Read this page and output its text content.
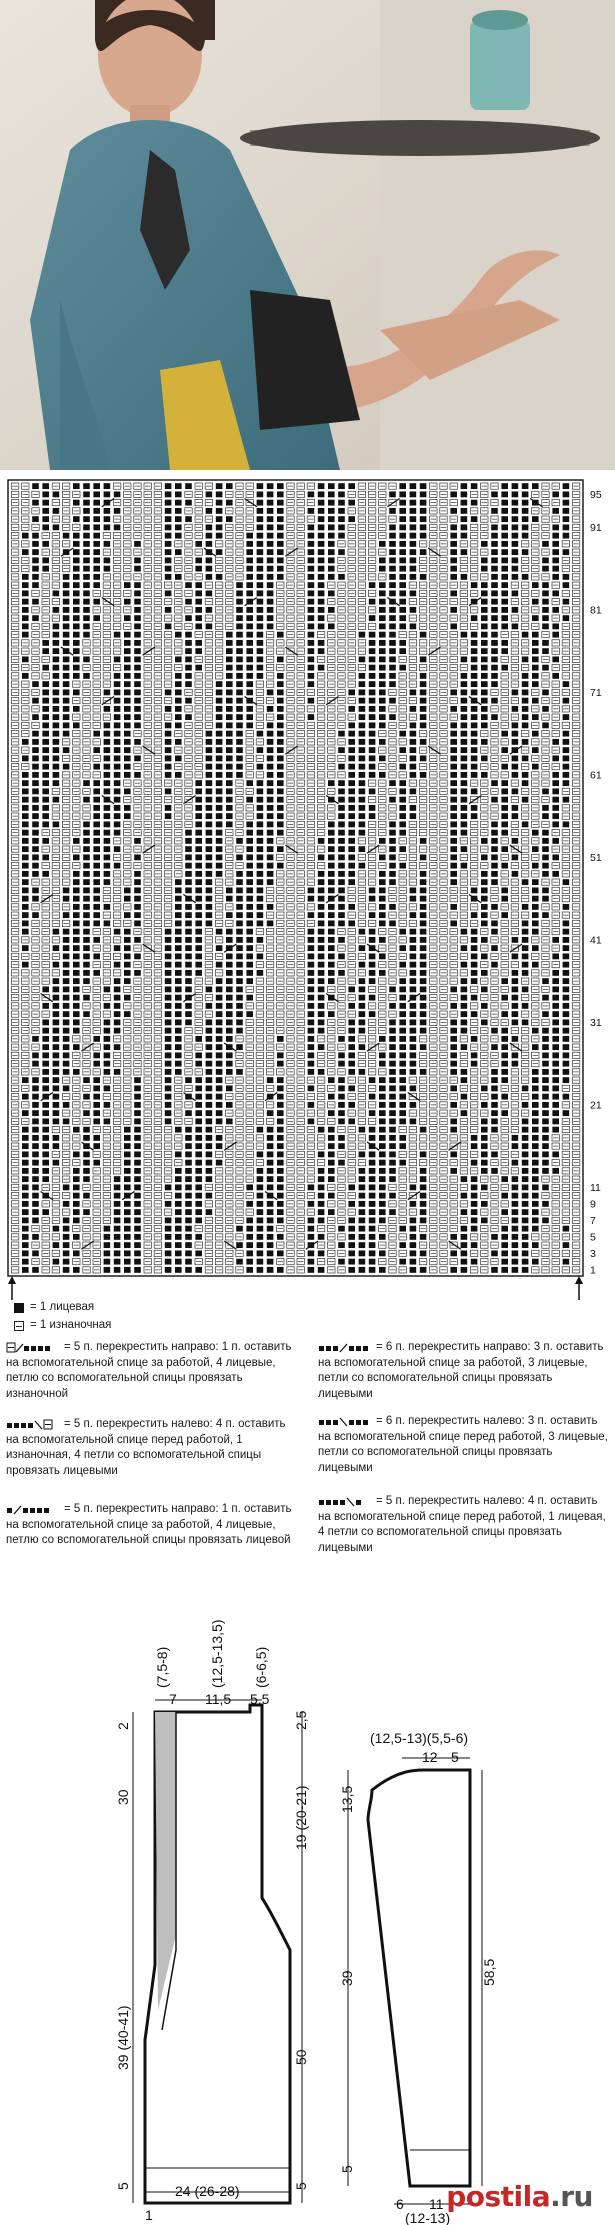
95
91
81
71
61
51
41
31
21
11
9
7
5
3
1
= 1 лицевая
= 1 изнаночная
= 5 п. перекрестить направо: 1 п. оставить на вспомогательной спице за работой, 4 лицевые, петлю со вспомогательной спицы провязать изнаночной
= 5 п. перекрестить налево: 4 п. оставить на вспомогательной спице перед работой, 1 изнаночная, 4 петли со вспомогательной спицы провязать лицевыми
= 5 п. перекрестить направо: 1 п. оставить на вспомогательной спице за работой, 4 лицевые, петлю со вспомогательной спицы провязать лицевой
= 6 п. перекрестить направо: 3 п. оставить на вспомогательной спице за работой, 3 лицевые, петли со вспомогательной спицы провязать лицевыми
= 6 п. перекрестить налево: 3 п. оставить на вспомогательной спице перед работой, 3 лицевые, петли со вспомогательной спицы провязать лицевыми
= 5 п. перекрестить налево: 4 п. оставить на вспомогательной спице перед работой, 1 лицевая, 4 петли со вспомогательной спицы провязать лицевыми
7 11,5 5,5
(7,5-8)	(12,5-13,5) (6-6,5)
2
30
39 (40-41)
5
2,5
19 (20-21)
50
5
24 (26-28)
1
(12,5-13)(5,5-6)
12 5
13,5
39
5
58,5
6 11
(12-13)
postila.ru
